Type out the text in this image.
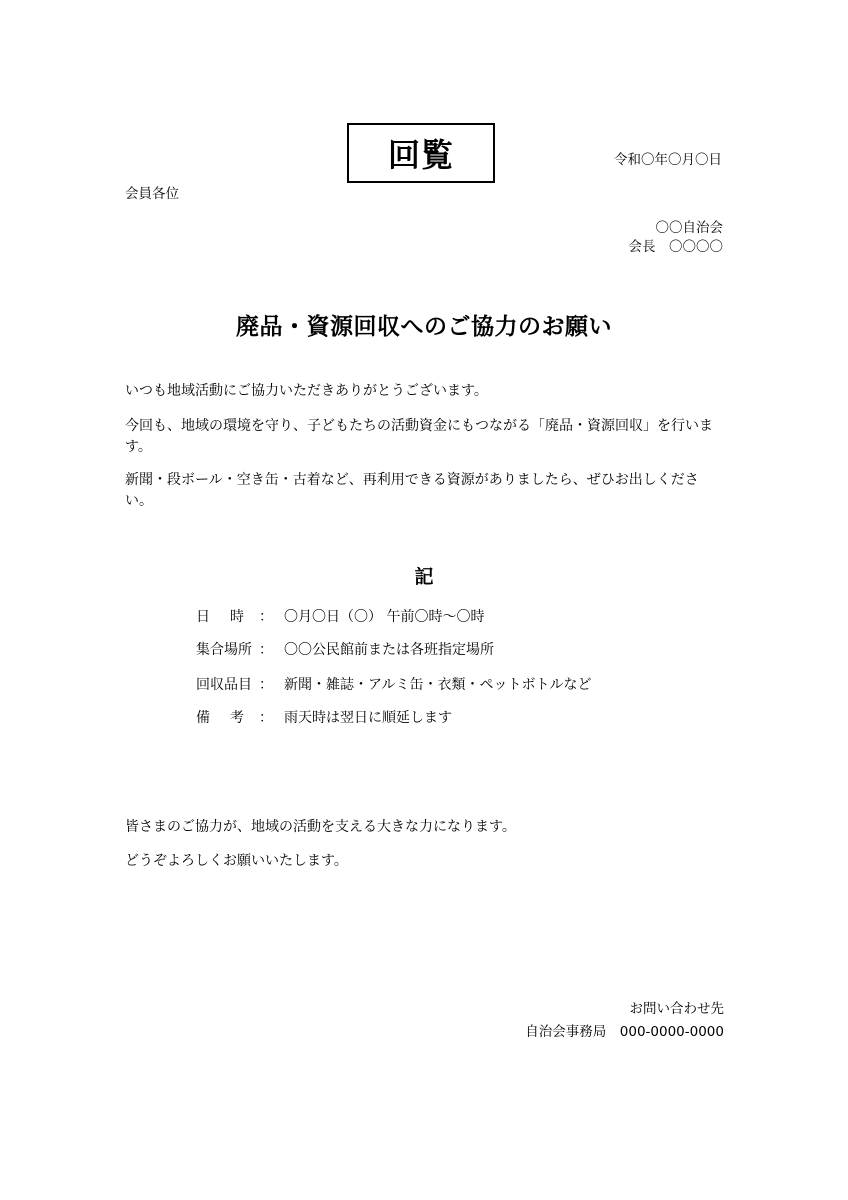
回覧	令和〇年〇月〇日
会員各位
〇〇自治会
会長　〇〇〇〇
廃品・資源回収へのご協力のお願い
いつも地域活動にご協力いただきありがとうございます。
今回も、地域の環境を守り、子どもたちの活動資金にもつながる「廃品・資源回収」を行います。
新聞・段ボール・空き缶・古着など、再利用できる資源がありましたら、ぜひお出しください。
記
日 時 ： 〇月〇日（〇） 午前〇時～〇時
集合場所 ： 〇〇公民館前または各班指定場所
回収品目 ： 新聞・雑誌・アルミ缶・衣類・ペットボトルなど
備 考 ： 雨天時は翌日に順延します
皆さまのご協力が、地域の活動を支える大きな力になります。
どうぞよろしくお願いいたします。
お問い合わせ先
自治会事務局　000-0000-0000
